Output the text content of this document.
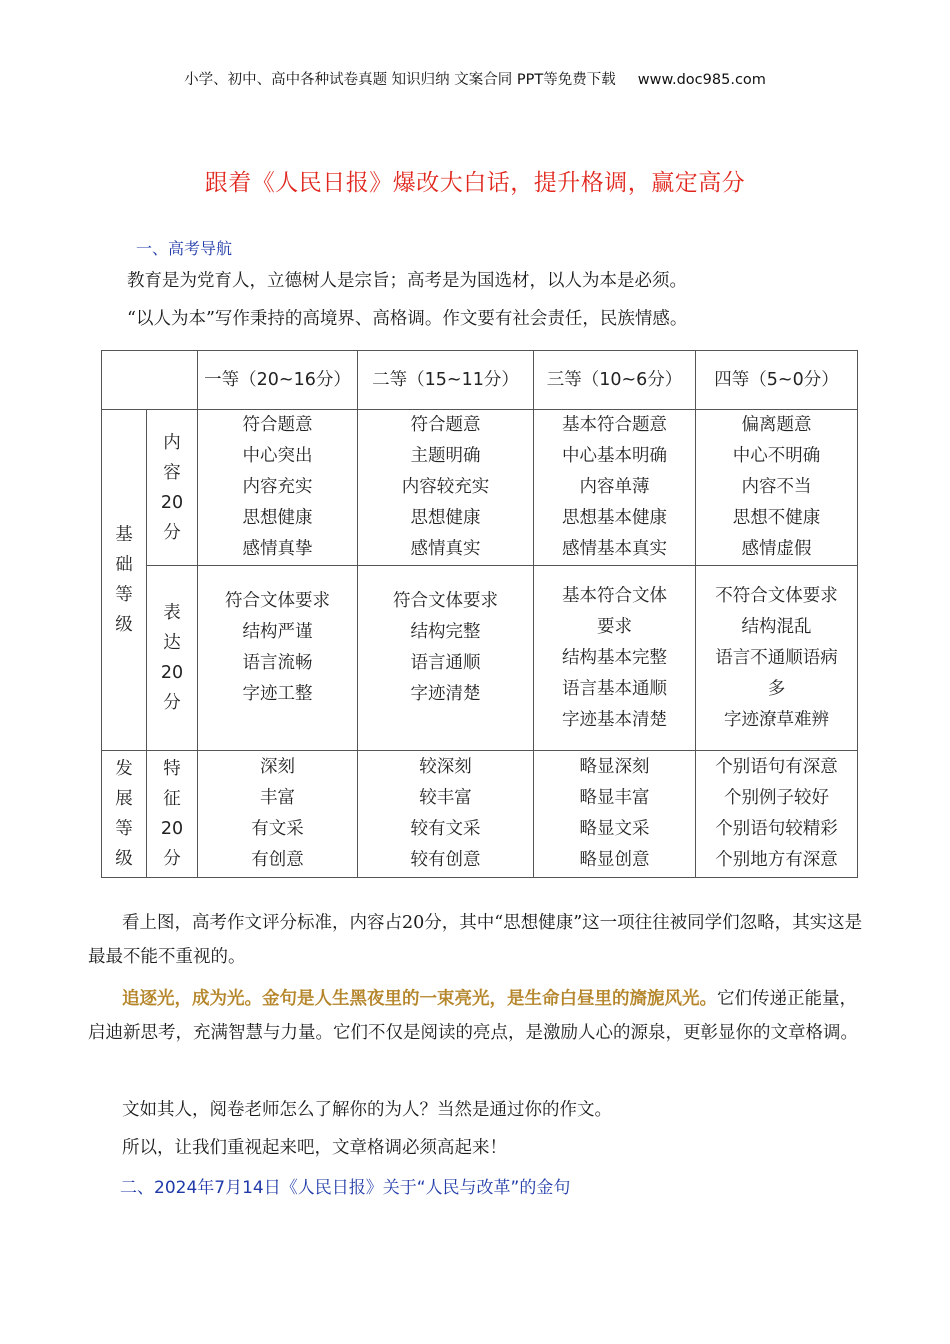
小学、初中、高中各种试卷真题 知识归纳 文案合同 PPT等免费下载 www.doc985.com
跟着《人民日报》爆改大白话，提升格调，赢定高分
一、高考导航
教育是为党育人，立德树人是宗旨；高考是为国选材，以人为本是必须。
“以人为本”写作秉持的高境界、高格调。作文要有社会责任，民族情感。
		一等（20~16分）	二等（15~11分）	三等（10~6分）	四等（5~0分）

基
础
等
级	内
容
20
分	符合题意
中心突出
内容充实
思想健康
感情真挚	符合题意
主题明确
内容较充实
思想健康
感情真实	基本符合题意
中心基本明确
内容单薄
思想基本健康
感情基本真实	偏离题意
中心不明确
内容不当
思想不健康
感情虚假

	表
达
20
分	符合文体要求
结构严谨
语言流畅
字迹工整	符合文体要求
结构完整
语言通顺
字迹清楚	基本符合文体
要求
结构基本完整
语言基本通顺
字迹基本清楚	不符合文体要求
结构混乱
语言不通顺语病
多
字迹潦草难辨

发
展
等
级	特
征
20
分	深刻
丰富
有文采
有创意	较深刻
较丰富
较有文采
较有创意	略显深刻
略显丰富
略显文采
略显创意	个别语句有深意
个别例子较好
个别语句较精彩
个别地方有深意
看上图，高考作文评分标准，内容占20分，其中“思想健康”这一项往往被同学们忽略，其实这是最最不能不重视的。
追逐光，成为光。金句是人生黑夜里的一束亮光，是生命白昼里的旖旎风光。它们传递正能量，启迪新思考，充满智慧与力量。它们不仅是阅读的亮点，是激励人心的源泉，更彰显你的文章格调。
文如其人，阅卷老师怎么了解你的为人？当然是通过你的作文。
所以，让我们重视起来吧，文章格调必须高起来！
二、2024年7月14日《人民日报》关于“人民与改革”的金句
